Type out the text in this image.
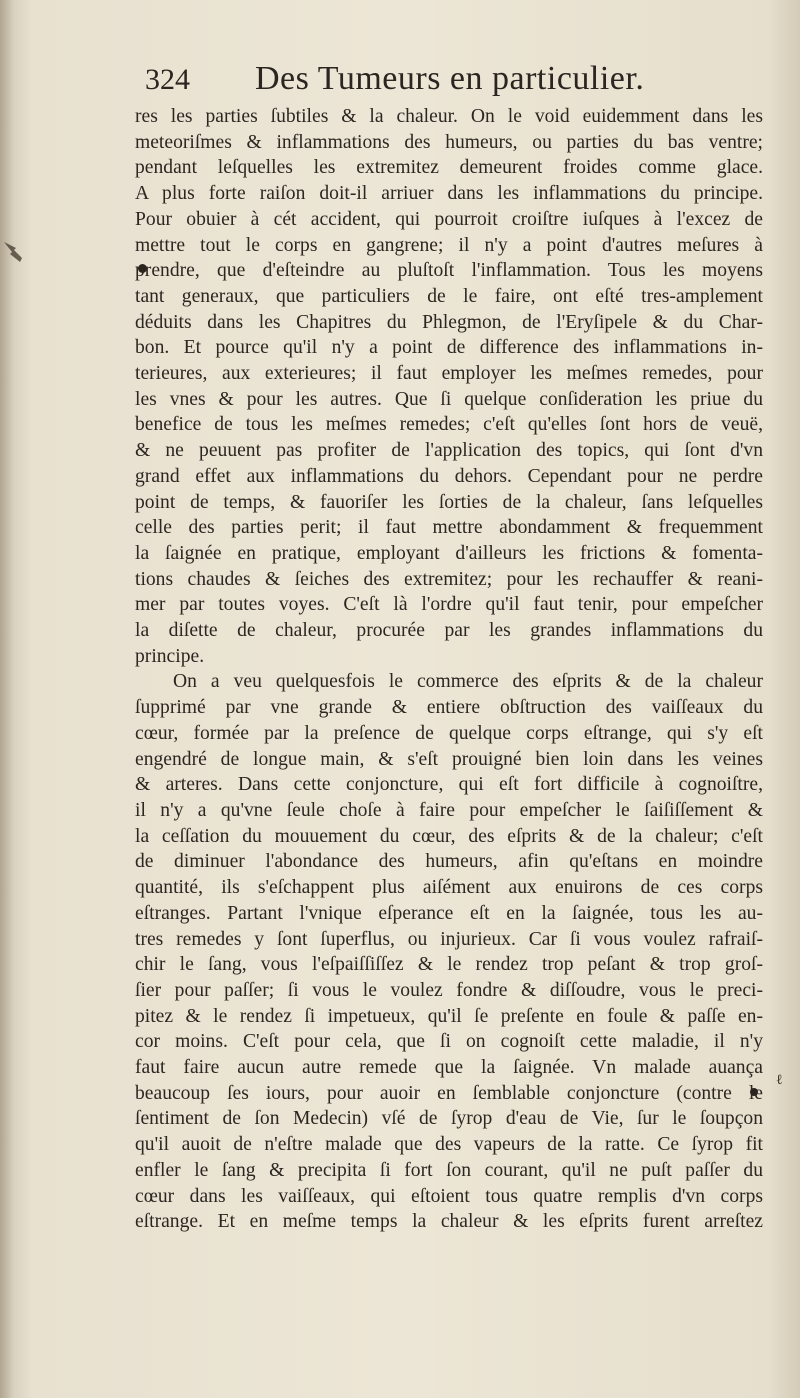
324	Des Tumeurs en particulier.
ℓ
res les parties ſubtiles & la chaleur. On le void euidemment dans les
meteoriſmes & inflammations des humeurs, ou parties du bas ventre;
pendant leſquelles les extremitez demeurent froides comme glace.
A plus forte raiſon doit-il arriuer dans les inflammations du principe.
Pour obuier à cét accident, qui pourroit croiſtre iuſques à l'excez de
mettre tout le corps en gangrene; il n'y a point d'autres meſures à
prendre, que d'eſteindre au pluſtoſt l'inflammation. Tous les moyens
tant generaux, que particuliers de le faire, ont eſté tres-amplement
déduits dans les Chapitres du Phlegmon, de l'Eryſipele & du Char-
bon. Et pource qu'il n'y a point de difference des inflammations in-
terieures, aux exterieures; il faut employer les meſmes remedes, pour
les vnes & pour les autres. Que ſi quelque conſideration les priue du
benefice de tous les meſmes remedes; c'eſt qu'elles ſont hors de veuë,
& ne peuuent pas profiter de l'application des topics, qui ſont d'vn
grand effet aux inflammations du dehors. Cependant pour ne perdre
point de temps, & fauoriſer les ſorties de la chaleur, ſans leſquelles
celle des parties perit; il faut mettre abondamment & frequemment
la ſaignée en pratique, employant d'ailleurs les frictions & fomenta-
tions chaudes & ſeiches des extremitez; pour les rechauffer & reani-
mer par toutes voyes. C'eſt là l'ordre qu'il faut tenir, pour empeſcher
la diſette de chaleur, procurée par les grandes inflammations du
principe.
On a veu quelquesfois le commerce des eſprits & de la chaleur
ſupprimé par vne grande & entiere obſtruction des vaiſſeaux du
cœur, formée par la preſence de quelque corps eſtrange, qui s'y eſt
engendré de longue main, & s'eſt prouigné bien loin dans les veines
& arteres. Dans cette conjoncture, qui eſt fort difficile à cognoiſtre,
il n'y a qu'vne ſeule choſe à faire pour empeſcher le ſaiſiſſement &
la ceſſation du mouuement du cœur, des eſprits & de la chaleur; c'eſt
de diminuer l'abondance des humeurs, afin qu'eſtans en moindre
quantité, ils s'eſchappent plus aiſément aux enuirons de ces corps
eſtranges. Partant l'vnique eſperance eſt en la ſaignée, tous les au-
tres remedes y ſont ſuperflus, ou injurieux. Car ſi vous voulez rafraiſ-
chir le ſang, vous l'eſpaiſſiſſez & le rendez trop peſant & trop groſ-
ſier pour paſſer; ſi vous le voulez fondre & diſſoudre, vous le preci-
pitez & le rendez ſi impetueux, qu'il ſe preſente en foule & paſſe en-
cor moins. C'eſt pour cela, que ſi on cognoiſt cette maladie, il n'y
faut faire aucun autre remede que la ſaignée. Vn malade auança
beaucoup ſes iours, pour auoir en ſemblable conjoncture (contre le
ſentiment de ſon Medecin) vſé de ſyrop d'eau de Vie, ſur le ſoupçon
qu'il auoit de n'eſtre malade que des vapeurs de la ratte. Ce ſyrop fit
enfler le ſang & precipita ſi fort ſon courant, qu'il ne puſt paſſer du
cœur dans les vaiſſeaux, qui eſtoient tous quatre remplis d'vn corps
eſtrange. Et en meſme temps la chaleur & les eſprits furent arreſtez
